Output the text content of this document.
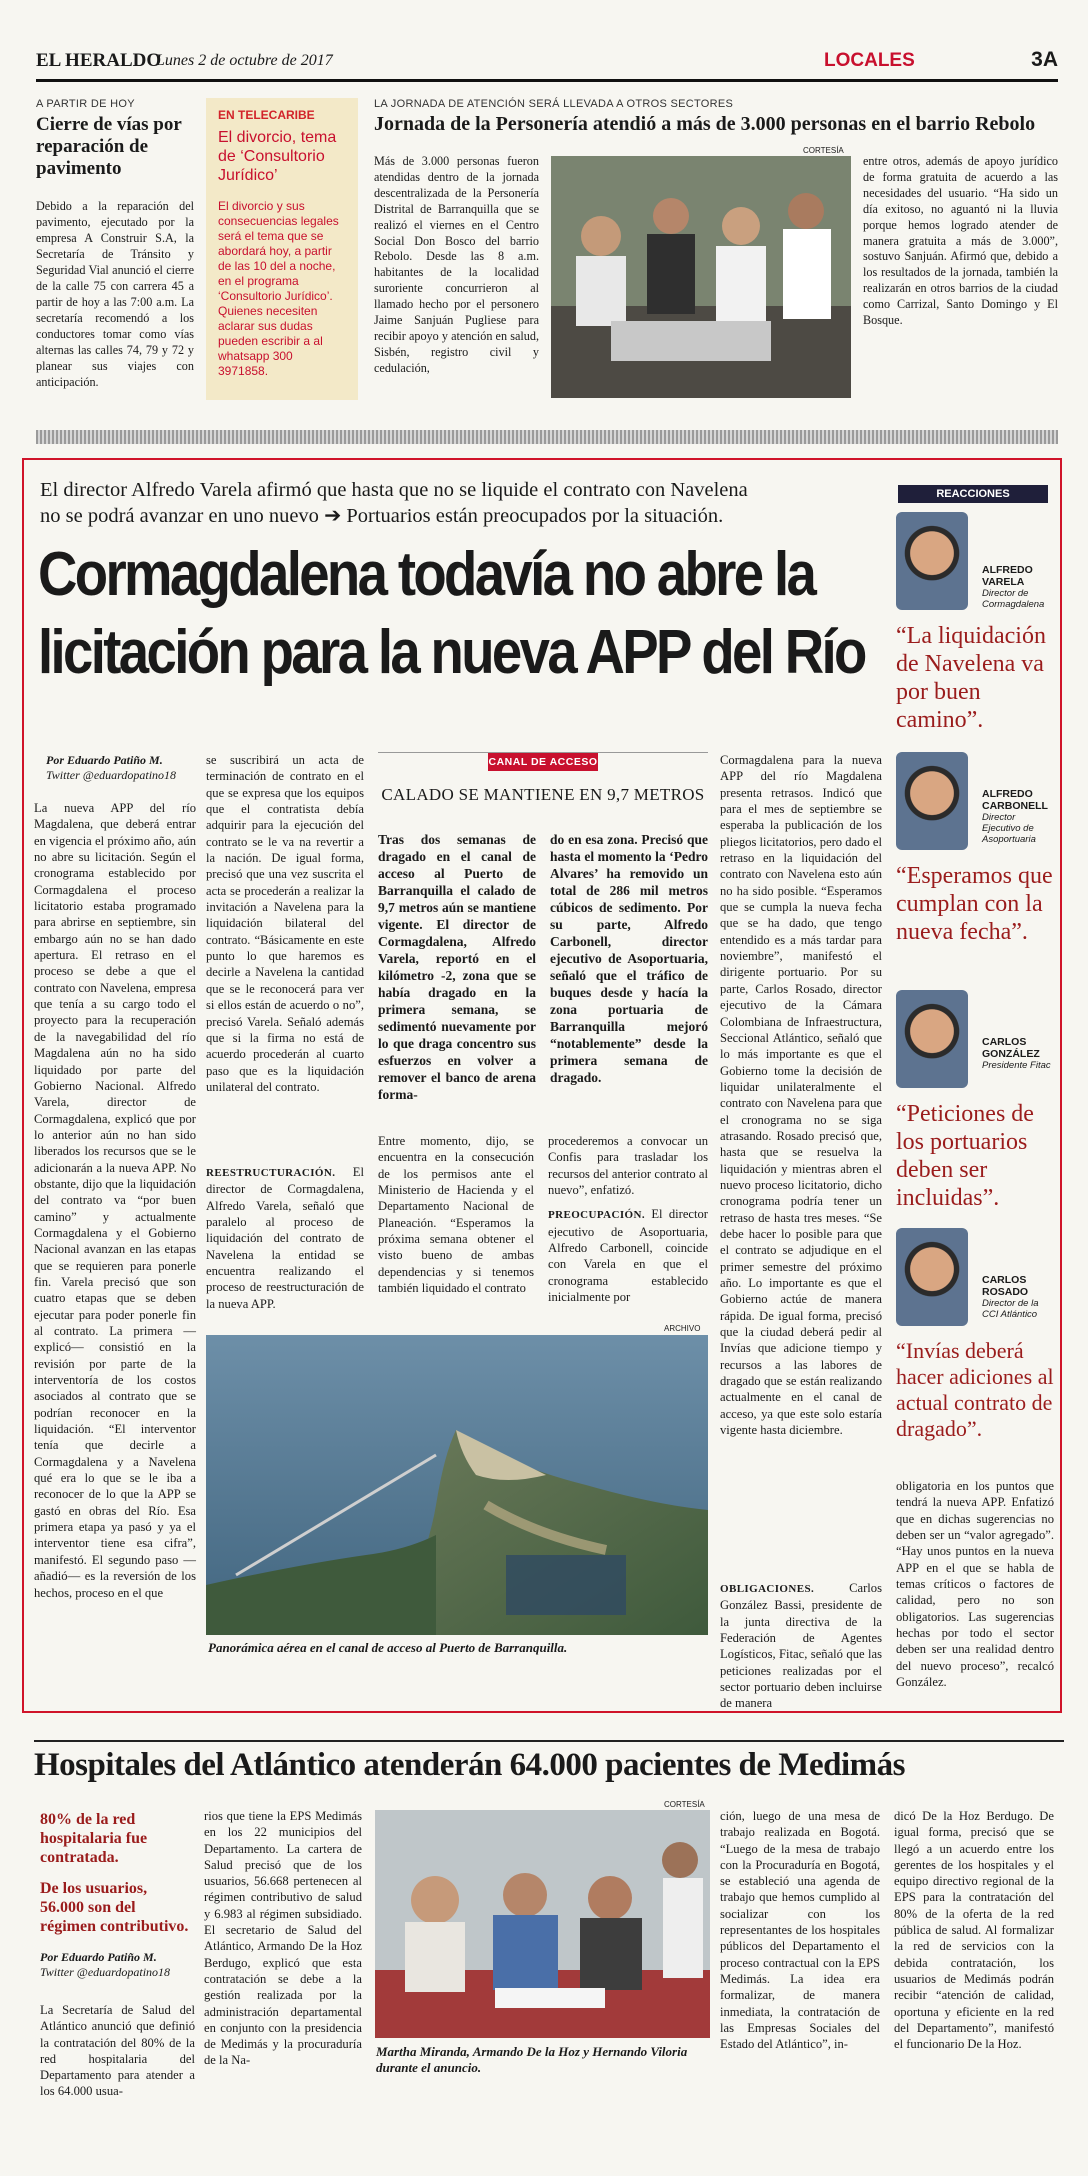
EL HERALDO
Lunes 2 de octubre de 2017	LOCALES	3A
A PARTIR DE HOY
Cierre de vías por reparación de pavimento
Debido a la reparación del pavimento, ejecutado por la empresa A Construir S.A, la Secretaría de Tránsito y Seguridad Vial anunció el cierre de la calle 75 con carrera 45 a partir de hoy a las 7:00 a.m. La secretaría recomendó a los conductores tomar como vías alternas las calles 74, 79 y 72 y planear sus viajes con anticipación.
EN TELECARIBE
El divorcio, tema de ‘Consultorio Jurídico’
El divorcio y sus consecuencias legales será el tema que se abordará hoy, a partir de las 10 del a noche, en el programa ‘Consultorio Jurídico’. Quienes necesiten aclarar sus dudas pueden escribir a al whatsapp 300 3971858.
LA JORNADA DE ATENCIÓN SERÁ LLEVADA A OTROS SECTORES
Jornada de la Personería atendió a más de 3.000 personas en el barrio Rebolo
Más de 3.000 personas fueron atendidas dentro de la jornada descentralizada de la Personería Distrital de Barranquilla que se realizó el viernes en el Centro Social Don Bosco del barrio Rebolo. Desde las 8 a.m. habitantes de la localidad suroriente concurrieron al llamado hecho por el personero Jaime Sanjuán Pugliese para recibir apoyo y atención en salud, Sisbén, registro civil y cedulación,
CORTESÍA
entre otros, además de apoyo jurídico de forma gratuita de acuerdo a las necesidades del usuario. “Ha sido un día exitoso, no aguantó ni la lluvia porque hemos logrado atender de manera gratuita a más de 3.000”, sostuvo Sanjuán. Afirmó que, debido a los resultados de la jornada, también la realizarán en otros barrios de la ciudad como Carrizal, Santo Domingo y El Bosque.
El director Alfredo Varela afirmó que hasta que no se liquide el contrato con Navelena
no se podrá avanzar en uno nuevo ➔ Portuarios están preocupados por la situación.
Cormagdalena todavía no abre la
licitación para la nueva APP del Río
Por Eduardo Patiño M.
Twitter @eduardopatino18
La nueva APP del río Magdalena, que deberá entrar en vigencia el próximo año, aún no abre su licitación. Según el cronograma establecido por Cormagdalena el proceso licitatorio estaba programado para abrirse en septiembre, sin embargo aún no se han dado apertura. El retraso en el proceso se debe a que el contrato con Navelena, empresa que tenía a su cargo todo el proyecto para la recuperación de la navegabilidad del río Magdalena aún no ha sido liquidado por parte del Gobierno Nacional. Alfredo Varela, director de Cormagdalena, explicó que por lo anterior aún no han sido liberados los recursos que se le adicionarán a la nueva APP. No obstante, dijo que la liquidación del contrato va “por buen camino” y actualmente Cormagdalena y el Gobierno Nacional avanzan en las etapas que se requieren para ponerle fin. Varela precisó que son cuatro etapas que se deben ejecutar para poder ponerle fin al contrato. La primera —explicó— consistió en la revisión por parte de la interventoría de los costos asociados al contrato que se podrían reconocer en la liquidación. “El interventor tenía que decirle a Cormagdalena y a Navelena qué era lo que se le iba a reconocer de lo que la APP se gastó en obras del Río. Esa primera etapa ya pasó y ya el interventor tiene esa cifra”, manifestó. El segundo paso —añadió— es la reversión de los hechos, proceso en el que
se suscribirá un acta de terminación de contrato en el que se expresa que los equipos que el contratista debía adquirir para la ejecución del contrato se le va na revertir a la nación. De igual forma, precisó que una vez suscrita el acta se procederán a realizar la invitación a Navelena para la liquidación bilateral del contrato. “Básicamente en este punto lo que haremos es decirle a Navelena la cantidad que se le reconocerá para ver si ellos están de acuerdo o no”, precisó Varela. Señaló además que si la firma no está de acuerdo procederán al cuarto paso que es la liquidación unilateral del contrato.
REESTRUCTURACIÓN. El director de Cormagdalena, Alfredo Varela, señaló que paralelo al proceso de liquidación del contrato de Navelena la entidad se encuentra realizando el proceso de reestructuración de la nueva APP.
CANAL DE ACCESO
CALADO SE MANTIENE EN 9,7 METROS
Tras dos semanas de dragado en el canal de acceso al Puerto de Barranquilla el calado de 9,7 metros aún se mantiene vigente. El director de Cormagdalena, Alfredo Varela, reportó en el kilómetro -2, zona que se había dragado en la primera semana, se sedimentó nuevamente por lo que draga concentro sus esfuerzos en volver a remover el banco de arena forma-
do en esa zona. Precisó que hasta el momento la ‘Pedro Alvares’ ha removido un total de 286 mil metros cúbicos de sedimento. Por su parte, Alfredo Carbonell, director ejecutivo de Asoportuaria, señaló que el tráfico de buques desde y hacía la zona portuaria de Barranquilla mejoró “notablemente” desde la primera semana de dragado.
Entre momento, dijo, se encuentra en la consecución de los permisos ante el Ministerio de Hacienda y el Departamento Nacional de Planeación. “Esperamos la próxima semana obtener el visto bueno de ambas dependencias y si tenemos también liquidado el contrato
procederemos a convocar un Confis para trasladar los recursos del anterior contrato al nuevo”, enfatizó.
PREOCUPACIÓN. El director ejecutivo de Asoportuaria, Alfredo Carbonell, coincide con Varela en que el cronograma establecido inicialmente por
ARCHIVO
Panorámica aérea en el canal de acceso al Puerto de Barranquilla.
Cormagdalena para la nueva APP del río Magdalena presenta retrasos. Indicó que para el mes de septiembre se esperaba la publicación de los pliegos licitatorios, pero dado el retraso en la liquidación del contrato con Navelena esto aún no ha sido posible. “Esperamos que se cumpla la nueva fecha que se ha dado, que tengo entendido es a más tardar para noviembre”, manifestó el dirigente portuario. Por su parte, Carlos Rosado, director ejecutivo de la Cámara Colombiana de Infraestructura, Seccional Atlántico, señaló que lo más importante es que el Gobierno tome la decisión de liquidar unilateralmente el contrato con Navelena para que el cronograma no se siga atrasando. Rosado precisó que, hasta que se resuelva la liquidación y mientras abren el nuevo proceso licitatorio, dicho cronograma podría tener un retraso de hasta tres meses. “Se debe hacer lo posible para que el contrato se adjudique en el primer semestre del próximo año. Lo importante es que el Gobierno actúe de manera rápida. De igual forma, precisó que la ciudad deberá pedir al Invías que adicione tiempo y recursos a las labores de dragado que se están realizando actualmente en el canal de acceso, ya que este solo estaría vigente hasta diciembre.
OBLIGACIONES.	Carlos González Bassi, presidente de la junta directiva de la Federación de Agentes Logísticos, Fitac, señaló que las peticiones realizadas por el sector portuario deben incluirse de manera
REACCIONES
ALFREDO
VARELA
Director de Cormagdalena
“La liquidación de Navelena va por buen camino”.
ALFREDO
CARBONELL
Director Ejecutivo de Asoportuaria
“Esperamos que cumplan con la nueva fecha”.
CARLOS
GONZÁLEZ
Presidente Fitac
“Peticiones de los portuarios deben ser incluidas”.
CARLOS
ROSADO
Director de la CCI Atlántico
“Invías deberá hacer adiciones al actual contrato de dragado”.
obligatoria en los puntos que tendrá la nueva APP. Enfatizó que en dichas sugerencias no deben ser un “valor agregado”. “Hay unos puntos en la nueva APP en el que se habla de temas críticos o factores de calidad, pero no son obligatorios. Las sugerencias hechas por todo el sector deben ser una realidad dentro del nuevo proceso”, recalcó González.
Hospitales del Atlántico atenderán 64.000 pacientes de Medimás
80% de la red hospitalaria fue contratada.
De los usuarios, 56.000 son del régimen contributivo.
Por Eduardo Patiño M.
Twitter @eduardopatino18
La Secretaría de Salud del Atlántico anunció que definió la contratación del 80% de la red hospitalaria del Departamento para atender a los 64.000 usua-
rios que tiene la EPS Medimás en los 22 municipios del Departamento. La cartera de Salud precisó que de los usuarios, 56.668 pertenecen al régimen contributivo de salud y 6.983 al régimen subsidiado. El secretario de Salud del Atlántico, Armando De la Hoz Berdugo, explicó que esta contratación se debe a la gestión realizada por la administración departamental en conjunto con la presidencia de Medimás y la procuraduría de la Na-
CORTESÍA
Martha Miranda, Armando De la Hoz y Hernando Viloria durante el anuncio.
ción, luego de una mesa de trabajo realizada en Bogotá. “Luego de la mesa de trabajo con la Procuraduría en Bogotá, se estableció una agenda de trabajo que hemos cumplido al socializar con los representantes de los hospitales públicos del Departamento el proceso contractual con la EPS Medimás. La idea era formalizar, de manera inmediata, la contratación de las Empresas Sociales del Estado del Atlántico”, in-
dicó De la Hoz Berdugo. De igual forma, precisó que se llegó a un acuerdo entre los gerentes de los hospitales y el equipo directivo regional de la EPS para la contratación del 80% de la oferta de la red pública de salud. Al formalizar la red de servicios con la debida contratación, los usuarios de Medimás podrán recibir “atención de calidad, oportuna y eficiente en la red del Departamento”, manifestó el funcionario De la Hoz.
